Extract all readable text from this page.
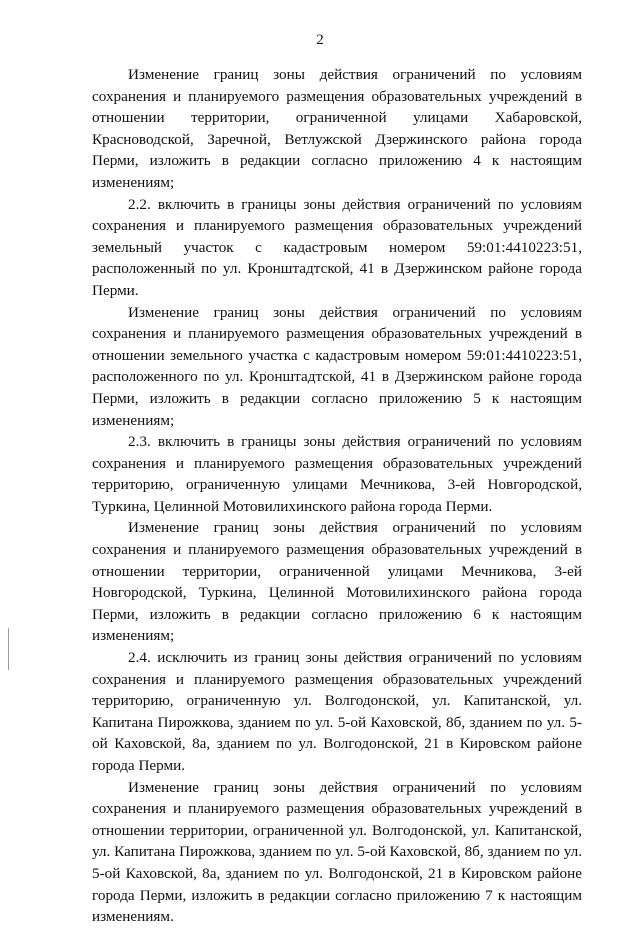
2

Изменение границ зоны действия ограничений по условиям сохранения и планируемого размещения образовательных учреждений в отношении территории, ограниченной улицами Хабаровской, Красноводской, Заречной, Ветлужской Дзержинского района города Перми, изложить в редакции согласно приложению 4 к настоящим изменениям;

2.2. включить в границы зоны действия ограничений по условиям сохранения и планируемого размещения образовательных учреждений земельный участок с кадастровым номером 59:01:4410223:51, расположенный по ул. Кронштадтской, 41 в Дзержинском районе города Перми.

Изменение границ зоны действия ограничений по условиям сохранения и планируемого размещения образовательных учреждений в отношении земельного участка с кадастровым номером 59:01:4410223:51, расположенного по ул. Кронштадтской, 41 в Дзержинском районе города Перми, изложить в редакции согласно приложению 5 к настоящим изменениям;

2.3. включить в границы зоны действия ограничений по условиям сохранения и планируемого размещения образовательных учреждений территорию, ограниченную улицами Мечникова, 3-ей Новгородской, Туркина, Целинной Мотовилихинского района города Перми.

Изменение границ зоны действия ограничений по условиям сохранения и планируемого размещения образовательных учреждений в отношении территории, ограниченной улицами Мечникова, 3-ей Новгородской, Туркина, Целинной Мотовилихинского района города Перми, изложить в редакции согласно приложению 6 к настоящим изменениям;

2.4. исключить из границ зоны действия ограничений по условиям сохранения и планируемого размещения образовательных учреждений территорию, ограниченную ул. Волгодонской, ул. Капитанской, ул. Капитана Пирожкова, зданием по ул. 5-ой Каховской, 8б, зданием по ул. 5-ой Каховской, 8а, зданием по ул. Волгодонской, 21 в Кировском районе города Перми.

Изменение границ зоны действия ограничений по условиям сохранения и планируемого размещения образовательных учреждений в отношении территории, ограниченной ул. Волгодонской, ул. Капитанской, ул. Капитана Пирожкова, зданием по ул. 5-ой Каховской, 8б, зданием по ул. 5-ой Каховской, 8а, зданием по ул. Волгодонской, 21 в Кировском районе города Перми, изложить в редакции согласно приложению 7 к настоящим изменениям.
